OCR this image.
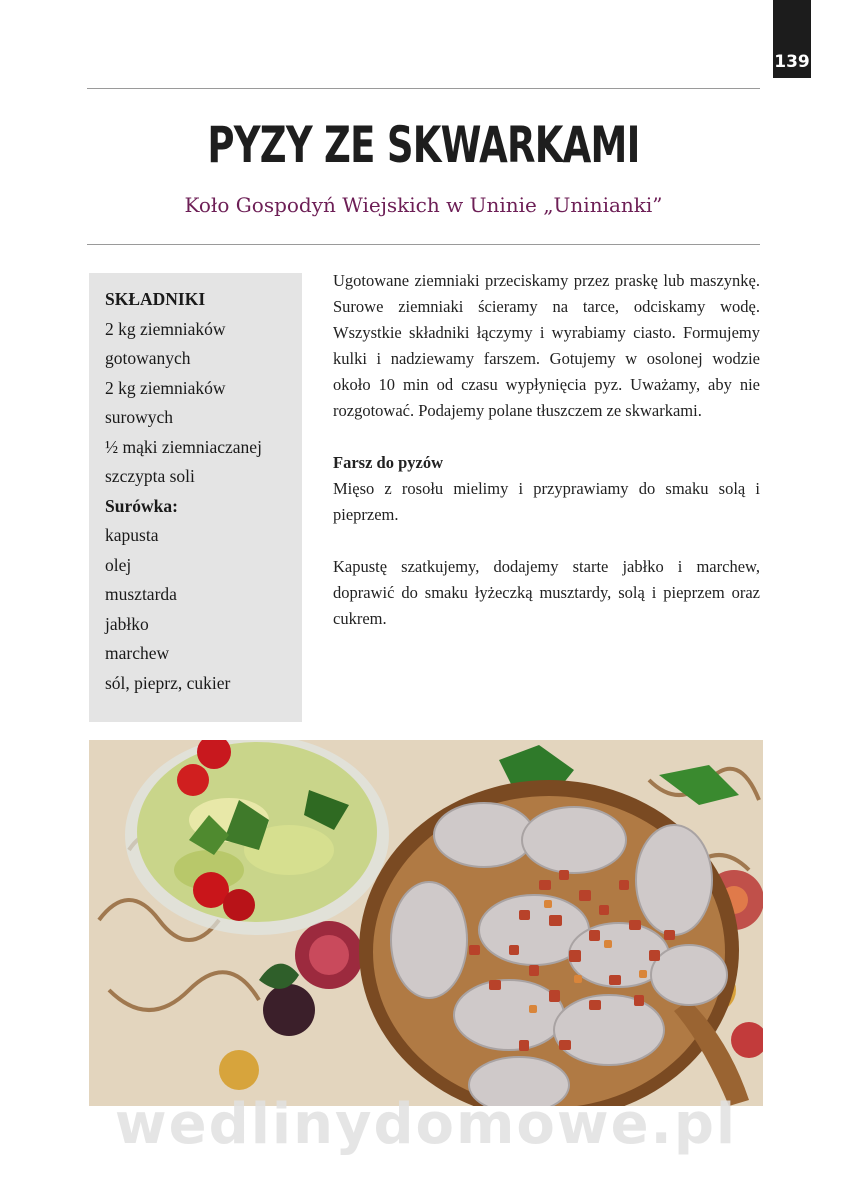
139
PYZY ZE SKWARKAMI
Koło Gospodyń Wiejskich w Uninie „Uninianki”
SKŁADNIKI
2 kg ziemniaków
gotowanych
2 kg ziemniaków
surowych
½ mąki ziemniaczanej
szczypta soli
Surówka:
kapusta
olej
musztarda
jabłko
marchew
sól, pieprz, cukier

Ugotowane ziemniaki przeciskamy przez praskę lub maszynkę. Surowe ziemniaki ścieramy na tarce, odciskamy wodę. Wszystkie składniki łączymy i wyrabiamy ciasto. Formujemy kulki i nadziewamy farszem. Gotujemy w osolonej wodzie około 10 min od czasu wypłynięcia pyz. Uważamy, aby nie rozgotować. Podajemy polane tłuszczem ze skwarkami.

Farsz do pyzów

Mięso z rosołu mielimy i przyprawiamy do smaku solą i pieprzem.

Kapustę szatkujemy, dodajemy starte jabłko i marchew, doprawić do smaku łyżeczką musztardy, solą i pieprzem oraz cukrem.

wedlinydomowe.pl
